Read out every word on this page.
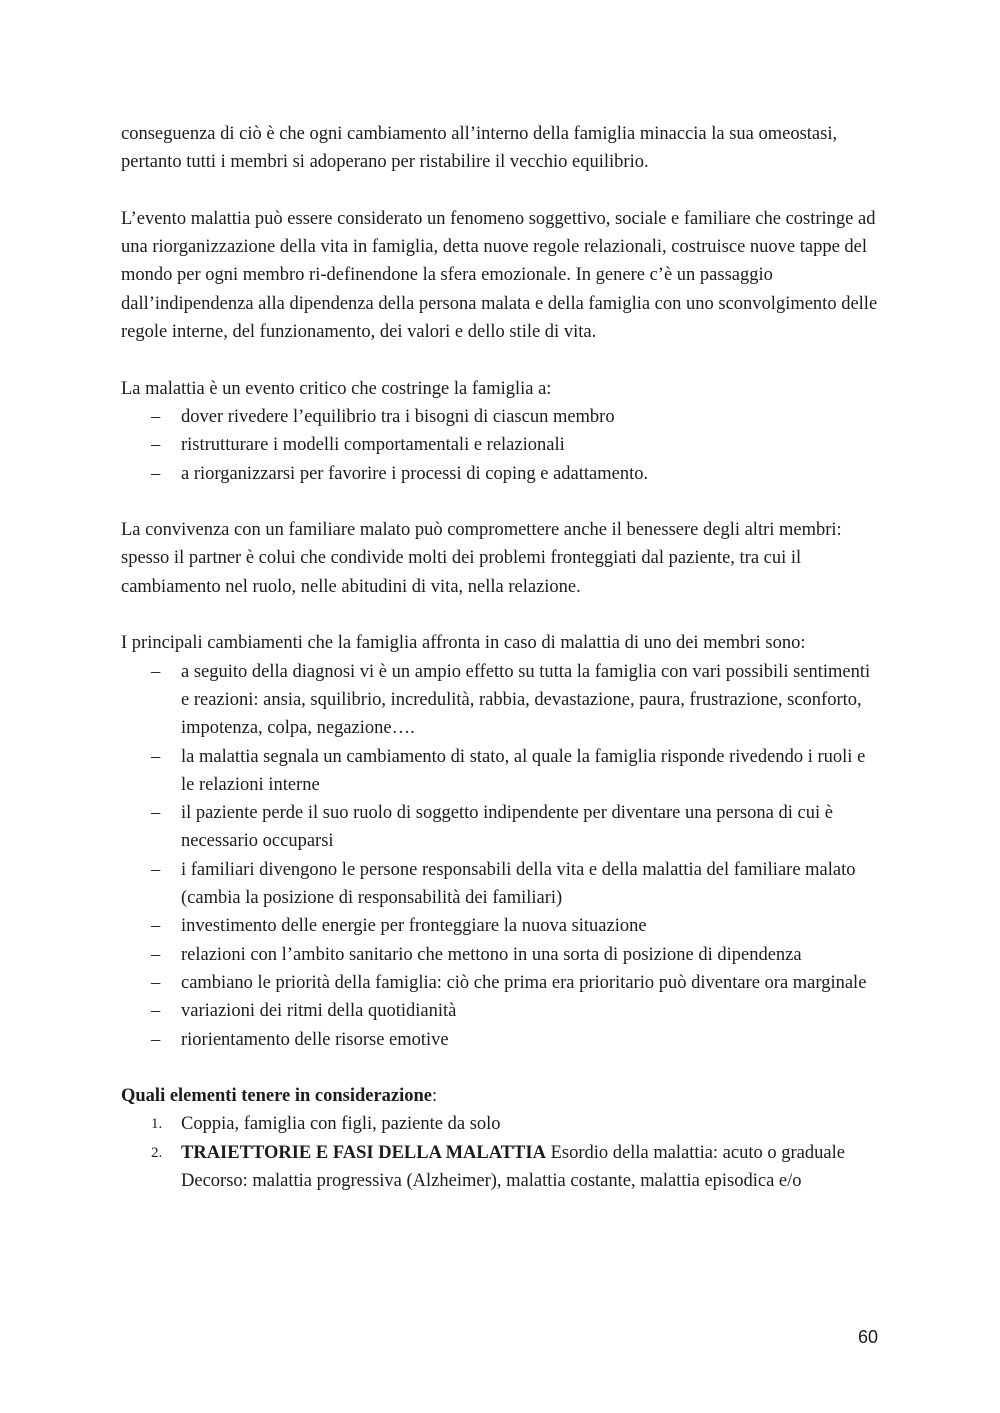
conseguenza di ciò è che ogni cambiamento all’interno della famiglia minaccia la sua omeostasi, pertanto tutti i membri si adoperano per ristabilire il vecchio equilibrio.

L’evento malattia può essere considerato un fenomeno soggettivo, sociale e familiare che costringe ad una riorganizzazione della vita in famiglia, detta nuove regole relazionali, costruisce nuove tappe del mondo per ogni membro ri-definendone la sfera emozionale. In genere c’è un passaggio dall’indipendenza alla dipendenza della persona malata e della famiglia con uno sconvolgimento delle regole interne, del funzionamento, dei valori e dello stile di vita.

La malattia è un evento critico che costringe la famiglia a:

– dover rivedere l’equilibrio tra i bisogni di ciascun membro
– ristrutturare i modelli comportamentali e relazionali
– a riorganizzarsi per favorire i processi di coping e adattamento.

La convivenza con un familiare malato può compromettere anche il benessere degli altri membri: spesso il partner è colui che condivide molti dei problemi fronteggiati dal paziente, tra cui il cambiamento nel ruolo, nelle abitudini di vita, nella relazione.

I principali cambiamenti che la famiglia affronta in caso di malattia di uno dei membri sono:

– a seguito della diagnosi vi è un ampio effetto su tutta la famiglia con vari possibili sentimenti e reazioni: ansia, squilibrio, incredulità, rabbia, devastazione, paura, frustrazione, sconforto, impotenza, colpa, negazione….
– la malattia segnala un cambiamento di stato, al quale la famiglia risponde rivedendo i ruoli e le relazioni interne
– il paziente perde il suo ruolo di soggetto indipendente per diventare una persona di cui è necessario occuparsi
– i familiari divengono le persone responsabili della vita e della malattia del familiare malato (cambia la posizione di responsabilità dei familiari)
– investimento delle energie per fronteggiare la nuova situazione
– relazioni con l’ambito sanitario che mettono in una sorta di posizione di dipendenza
– cambiano le priorità della famiglia: ciò che prima era prioritario può diventare ora marginale
– variazioni dei ritmi della quotidianità
– riorientamento delle risorse emotive

Quali elementi tenere in considerazione:

1. Coppia, famiglia con figli, paziente da solo
2. TRAIETTORIE E FASI DELLA MALATTIA Esordio della malattia: acuto o graduale Decorso: malattia progressiva (Alzheimer), malattia costante, malattia episodica e/o
60
